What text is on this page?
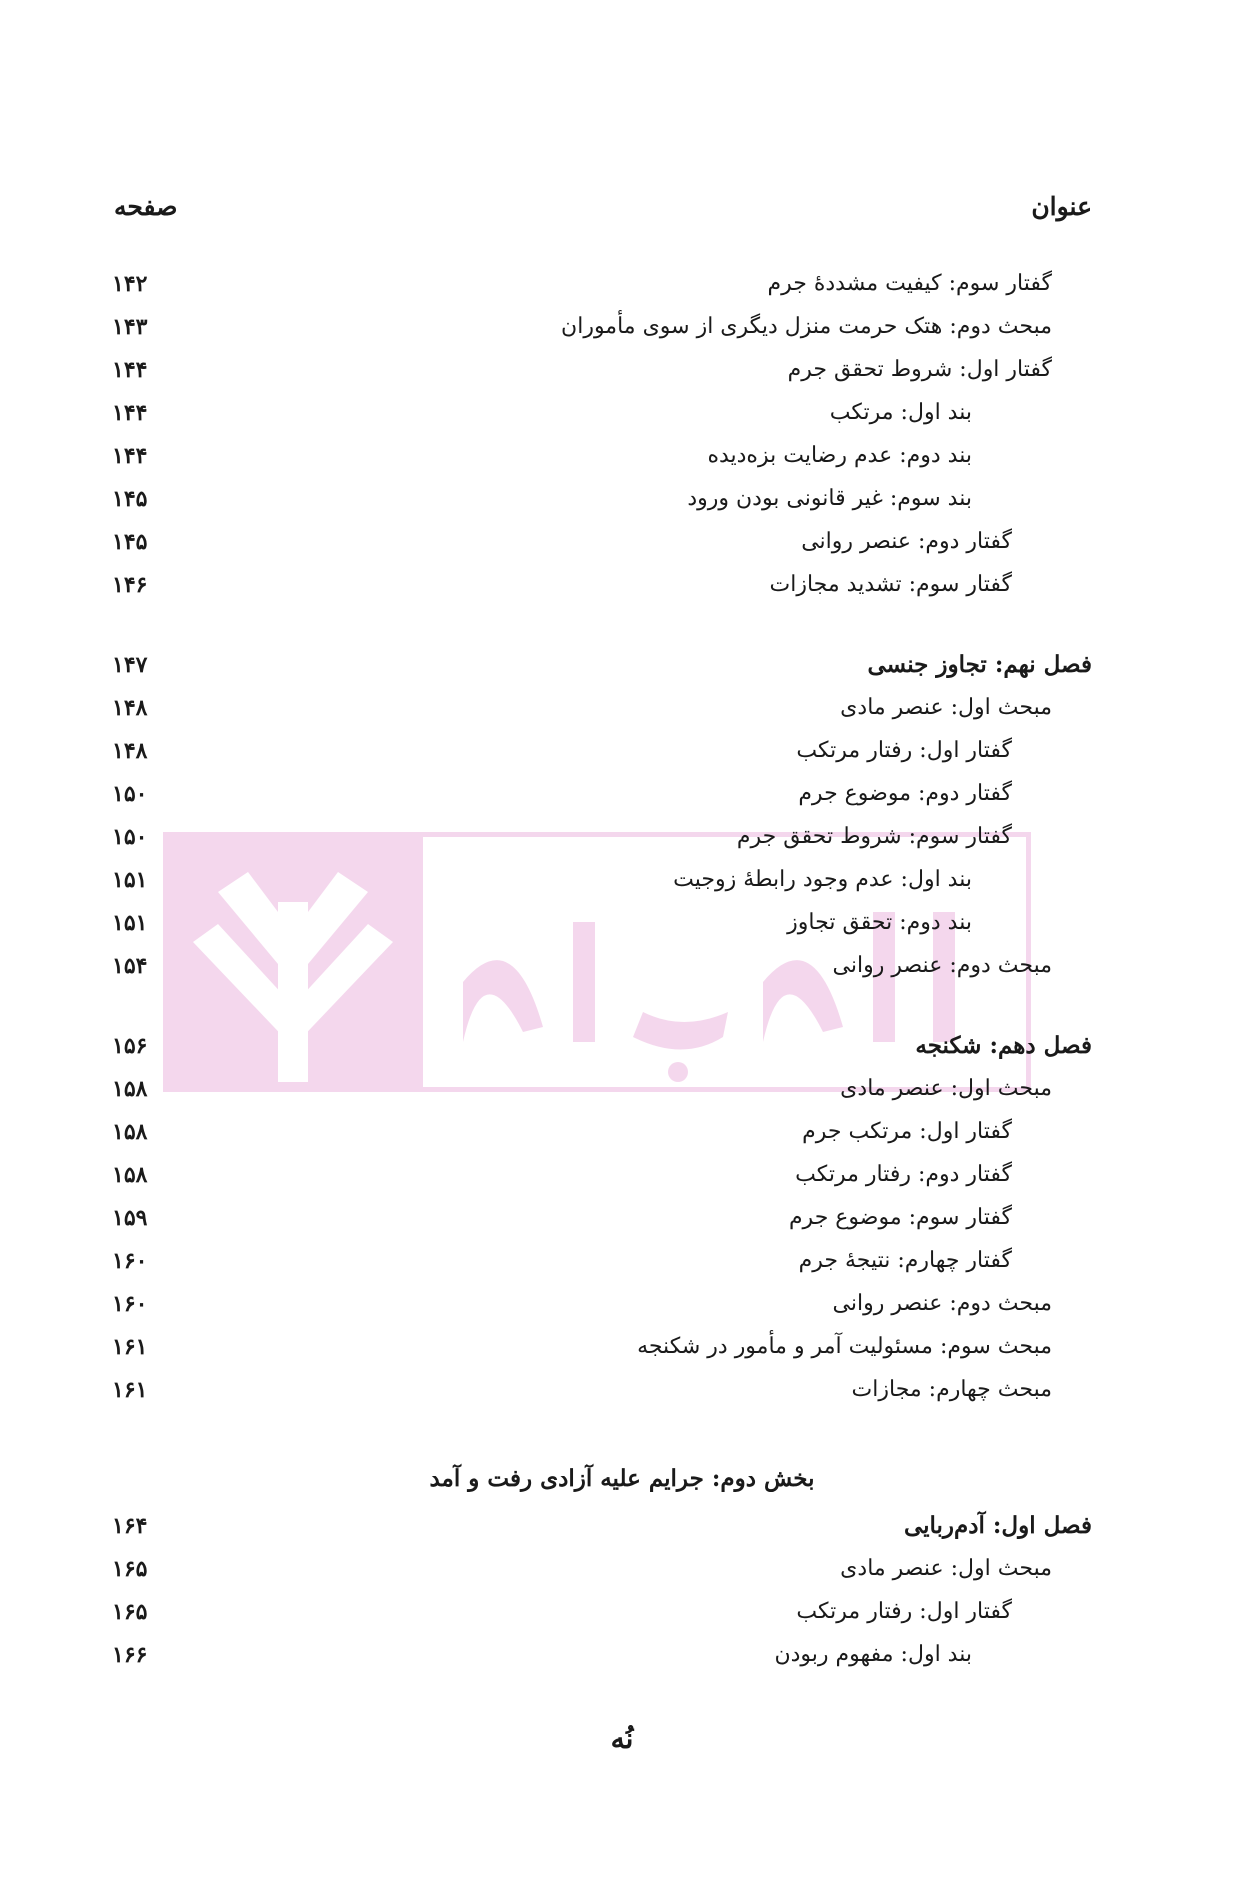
عنوان
صفحه
گفتار سوم: کیفیت مشددهٔ جرم
۱۴۲
مبحث دوم: هتک حرمت منزل دیگری از سوی مأموران
۱۴۳
گفتار اول: شروط تحقق جرم
۱۴۴
بند اول: مرتکب
۱۴۴
بند دوم: عدم رضایت بزه‌دیده
۱۴۴
بند سوم: غیر قانونی بودن ورود
۱۴۵
گفتار دوم: عنصر روانی
۱۴۵
گفتار سوم: تشدید مجازات
۱۴۶
فصل نهم: تجاوز جنسی
۱۴۷
مبحث اول: عنصر مادی
۱۴۸
گفتار اول: رفتار مرتکب
۱۴۸
گفتار دوم: موضوع جرم
۱۵۰
گفتار سوم: شروط تحقق جرم
۱۵۰
بند اول: عدم وجود رابطهٔ زوجیت
۱۵۱
بند دوم: تحقق تجاوز
۱۵۱
مبحث دوم: عنصر روانی
۱۵۴
فصل دهم: شکنجه
۱۵۶
مبحث اول: عنصر مادی
۱۵۸
گفتار اول: مرتکب جرم
۱۵۸
گفتار دوم: رفتار مرتکب
۱۵۸
گفتار سوم: موضوع جرم
۱۵۹
گفتار چهارم: نتیجهٔ جرم
۱۶۰
مبحث دوم: عنصر روانی
۱۶۰
مبحث سوم: مسئولیت آمر و مأمور در شکنجه
۱۶۱
مبحث چهارم: مجازات
۱۶۱
بخش دوم: جرایم علیه آزادی رفت و آمد
فصل اول: آدم‌ربایی
۱۶۴
مبحث اول: عنصر مادی
۱۶۵
گفتار اول: رفتار مرتکب
۱۶۵
بند اول: مفهوم ربودن
۱۶۶
نُه
